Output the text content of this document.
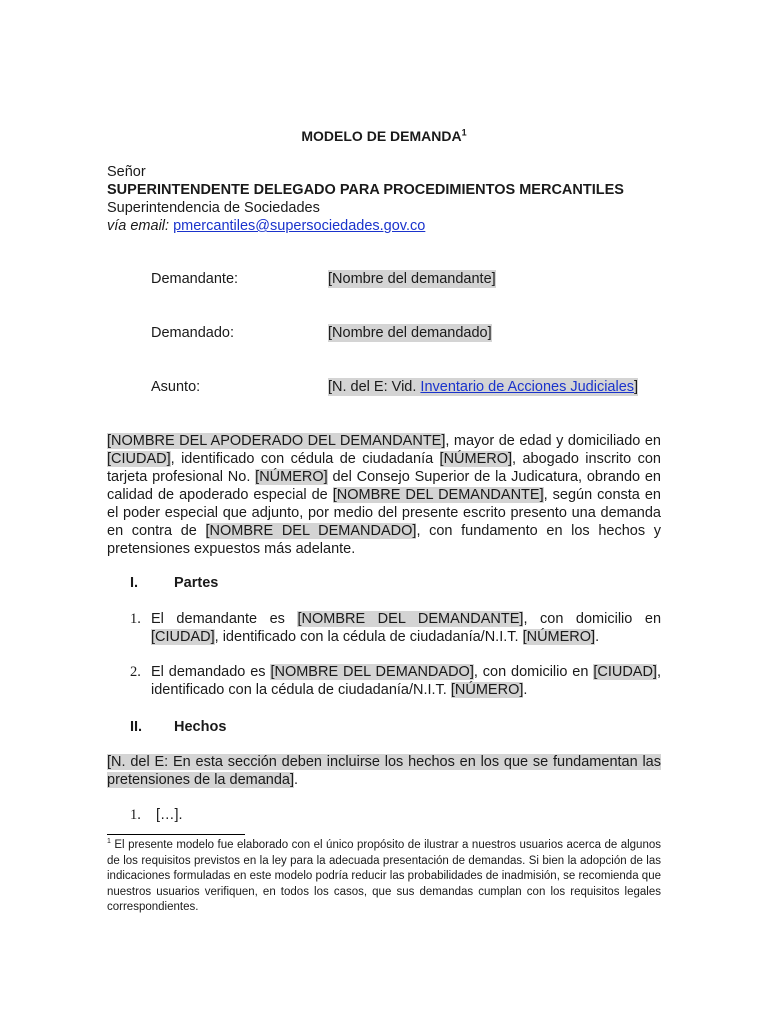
MODELO DE DEMANDA$^1$
Señor
SUPERINTENDENTE DELEGADO PARA PROCEDIMIENTOS MERCANTILES
Superintendencia de Sociedades
vía email: pmercantiles@supersociedades.gov.co
Demandante:	[Nombre del demandante]
Demandado:	[Nombre del demandado]
Asunto:	[N. del E: Vid. Inventario de Acciones Judiciales]
[NOMBRE DEL APODERADO DEL DEMANDANTE], mayor de edad y domiciliado en [CIUDAD], identificado con cédula de ciudadanía [NÚMERO], abogado inscrito con tarjeta profesional No. [NÚMERO] del Consejo Superior de la Judicatura, obrando en calidad de apoderado especial de [NOMBRE DEL DEMANDANTE], según consta en el poder especial que adjunto, por medio del presente escrito presento una demanda en contra de [NOMBRE DEL DEMANDADO], con fundamento en los hechos y pretensiones expuestos más adelante.
I. Partes
1. El demandante es [NOMBRE DEL DEMANDANTE], con domicilio en [CIUDAD], identificado con la cédula de ciudadanía/N.I.T. [NÚMERO].
2. El demandado es [NOMBRE DEL DEMANDADO], con domicilio en [CIUDAD], identificado con la cédula de ciudadanía/N.I.T. [NÚMERO].
II. Hechos
[N. del E: En esta sección deben incluirse los hechos en los que se fundamentan las pretensiones de la demanda].
1. […].
$^1$ El presente modelo fue elaborado con el único propósito de ilustrar a nuestros usuarios acerca de algunos de los requisitos previstos en la ley para la adecuada presentación de demandas. Si bien la adopción de las indicaciones formuladas en este modelo podría reducir las probabilidades de inadmisión, se recomienda que nuestros usuarios verifiquen, en todos los casos, que sus demandas cumplan con los requisitos legales correspondientes.
